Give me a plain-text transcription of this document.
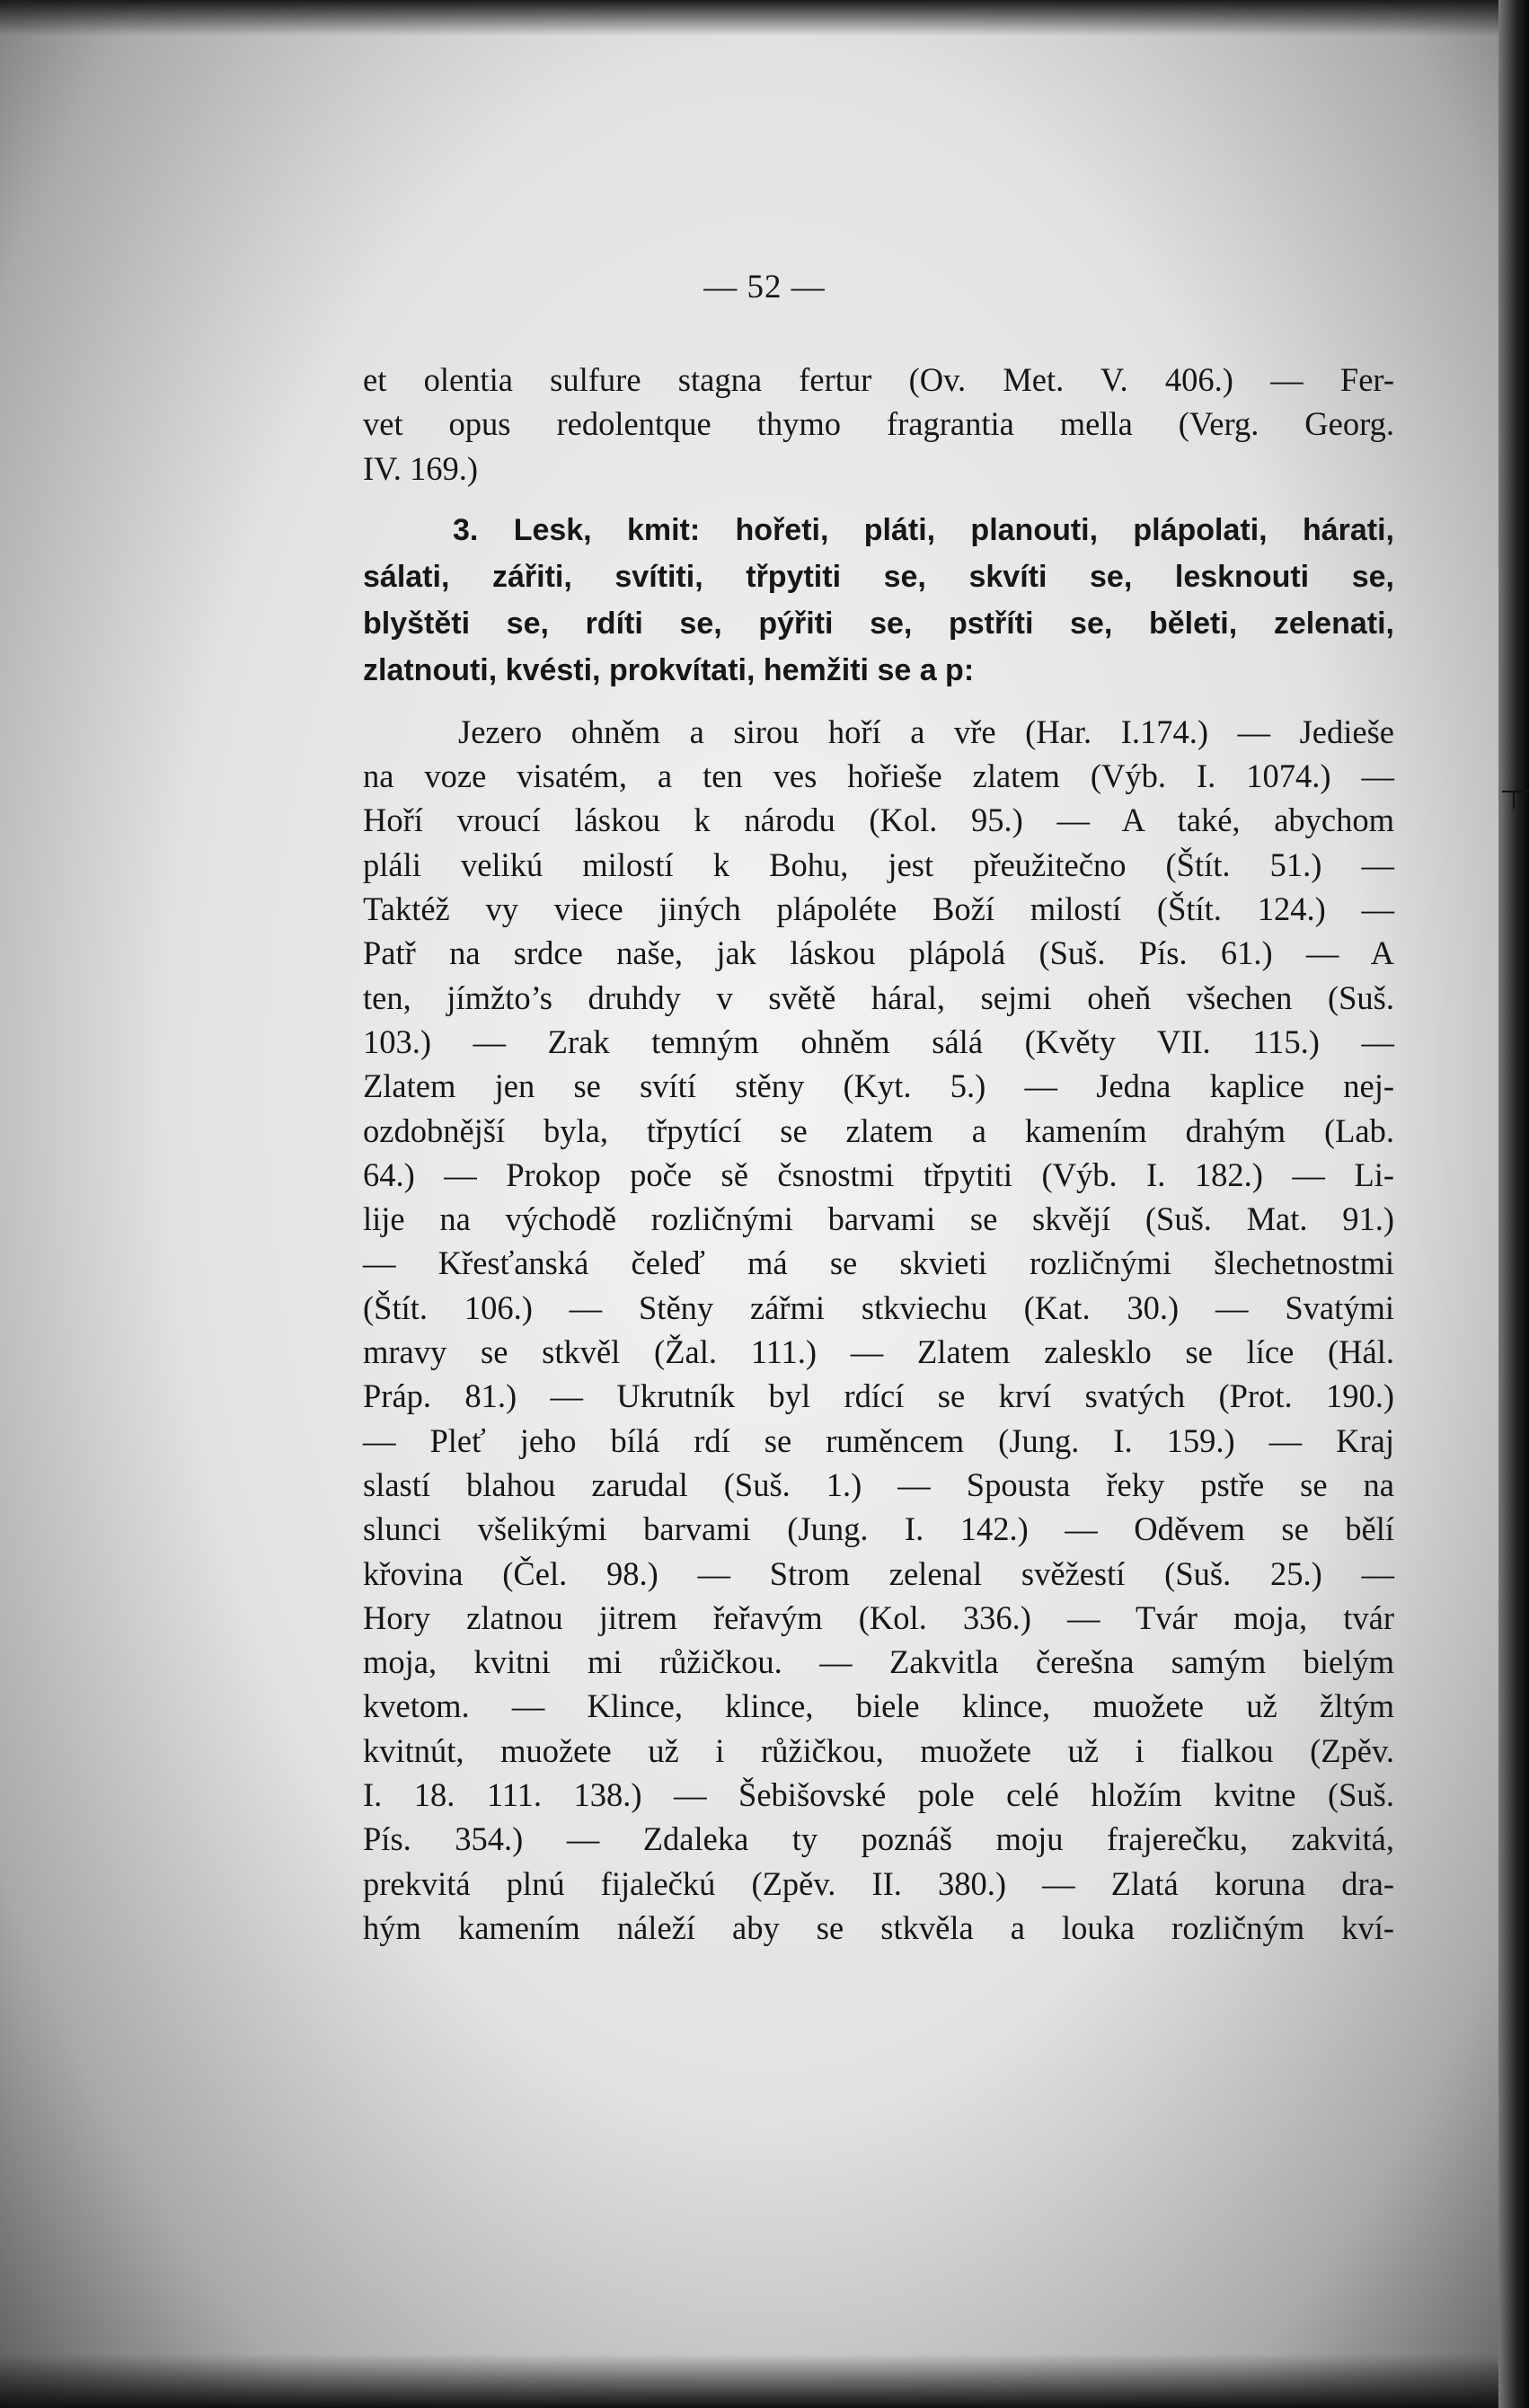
— 52 —

et olentia sulfure stagna fertur (Ov. Met. V. 406.) — Fer-
vet opus redolentque thymo fragrantia mella (Verg. Georg.
IV. 169.)

3. Lesk, kmit: hořeti, pláti, planouti, plápolati, hárati,
sálati, zářiti, svítiti, třpytiti se, skvíti se, lesknouti se,
blyštěti se, rdíti se, pýřiti se, pstříti se, běleti, zelenati,
zlatnouti, kvésti, prokvítati, hemžiti se a p:

Jezero ohněm a sirou hoří a vře (Har. I.174.) — Jedieše
na voze visatém, a ten ves hořieše zlatem (Výb. I. 1074.) —
Hoří vroucí láskou k národu (Kol. 95.) — A také, abychom
pláli velikú milostí k Bohu, jest přeužitečno (Štít. 51.) —
Taktéž vy viece jiných plápoléte Boží milostí (Štít. 124.) —
Patř na srdce naše, jak láskou plápolá (Suš. Pís. 61.) — A
ten, jímžto’s druhdy v světě háral, sejmi oheň všechen (Suš.
103.) — Zrak temným ohněm sálá (Květy VII. 115.) —
Zlatem jen se svítí stěny (Kyt. 5.) — Jedna kaplice nej-
ozdobnější byla, třpytící se zlatem a kamením drahým (Lab.
64.) — Prokop poče sě čsnostmi třpytiti (Výb. I. 182.) — Li-
lije na východě rozličnými barvami se skvějí (Suš. Mat. 91.)
— Křesťanská čeleď má se skvieti rozličnými šlechetnostmi
(Štít. 106.) — Stěny zářmi stkviechu (Kat. 30.) — Svatými
mravy se stkvěl (Žal. 111.) — Zlatem zalesklo se líce (Hál.
Práp. 81.) — Ukrutník byl rdící se krví svatých (Prot. 190.)
— Pleť jeho bílá rdí se ruměncem (Jung. I. 159.) — Kraj
slastí blahou zarudal (Suš. 1.) — Spousta řeky pstře se na
slunci všelikými barvami (Jung. I. 142.) — Oděvem se bělí
křovina (Čel. 98.) — Strom zelenal svěžestí (Suš. 25.) —
Hory zlatnou jitrem řeřavým (Kol. 336.) — Tvár moja, tvár
moja, kvitni mi růžičkou. — Zakvitla čerešna samým bielým
kvetom. — Klince, klince, biele klince, muožete už žltým
kvitnút, muožete už i růžičkou, muožete už i fialkou (Zpěv.
I. 18. 111. 138.) — Šebišovské pole celé hložím kvitne (Suš.
Pís. 354.) — Zdaleka ty poznáš moju frajerečku, zakvitá,
prekvitá plnú fijalečkú (Zpěv. II. 380.) — Zlatá koruna dra-
hým kamením náleží aby se stkvěla a louka rozličným kví-
